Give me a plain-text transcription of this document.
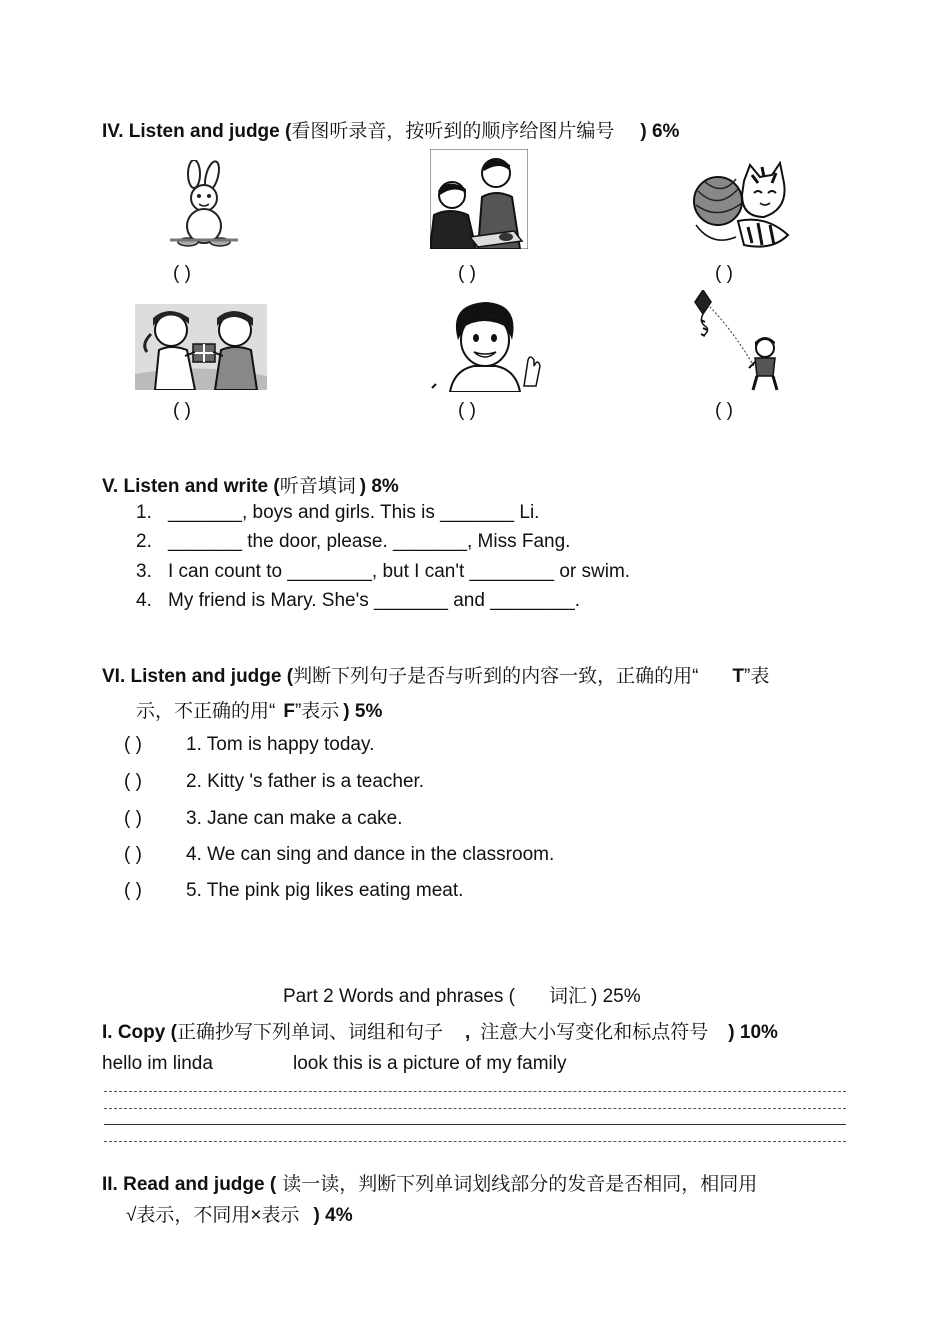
IV. Listen and judge (看图听录音，按听到的顺序给图片编号 ) 6%
( )	( )	( )
( )	( )	( )
V. Listen and write (听音填词 ) 8%
1. _______, boys and girls. This is _______ Li.
2. _______ the door, please. _______, Miss Fang.
3. I can count to ________, but I can't ________ or swim.
4. My friend is Mary. She's _______ and ________.
VI. Listen and judge (判断下列句子是否与听到的内容一致，正确的用“ T”表
示，不正确的用“ F”表示 ) 5%
( ) 1. Tom is happy today.
( ) 2. Kitty 's father is a teacher.
( ) 3. Jane can make a cake.
( ) 4. We can sing and dance in the classroom.
( ) 5. The pink pig likes eating meat.
Part 2 Words and phrases ( 词汇 ) 25%
I. Copy (正确抄写下列单词、词组和句子 , 注意大小写变化和标点符号 ) 10%
hello im linda	look this is a picture of my family
II. Read and judge ( 读一读，判断下列单词划线部分的发音是否相同，相同用
√表示，不同用×表示 ) 4%
